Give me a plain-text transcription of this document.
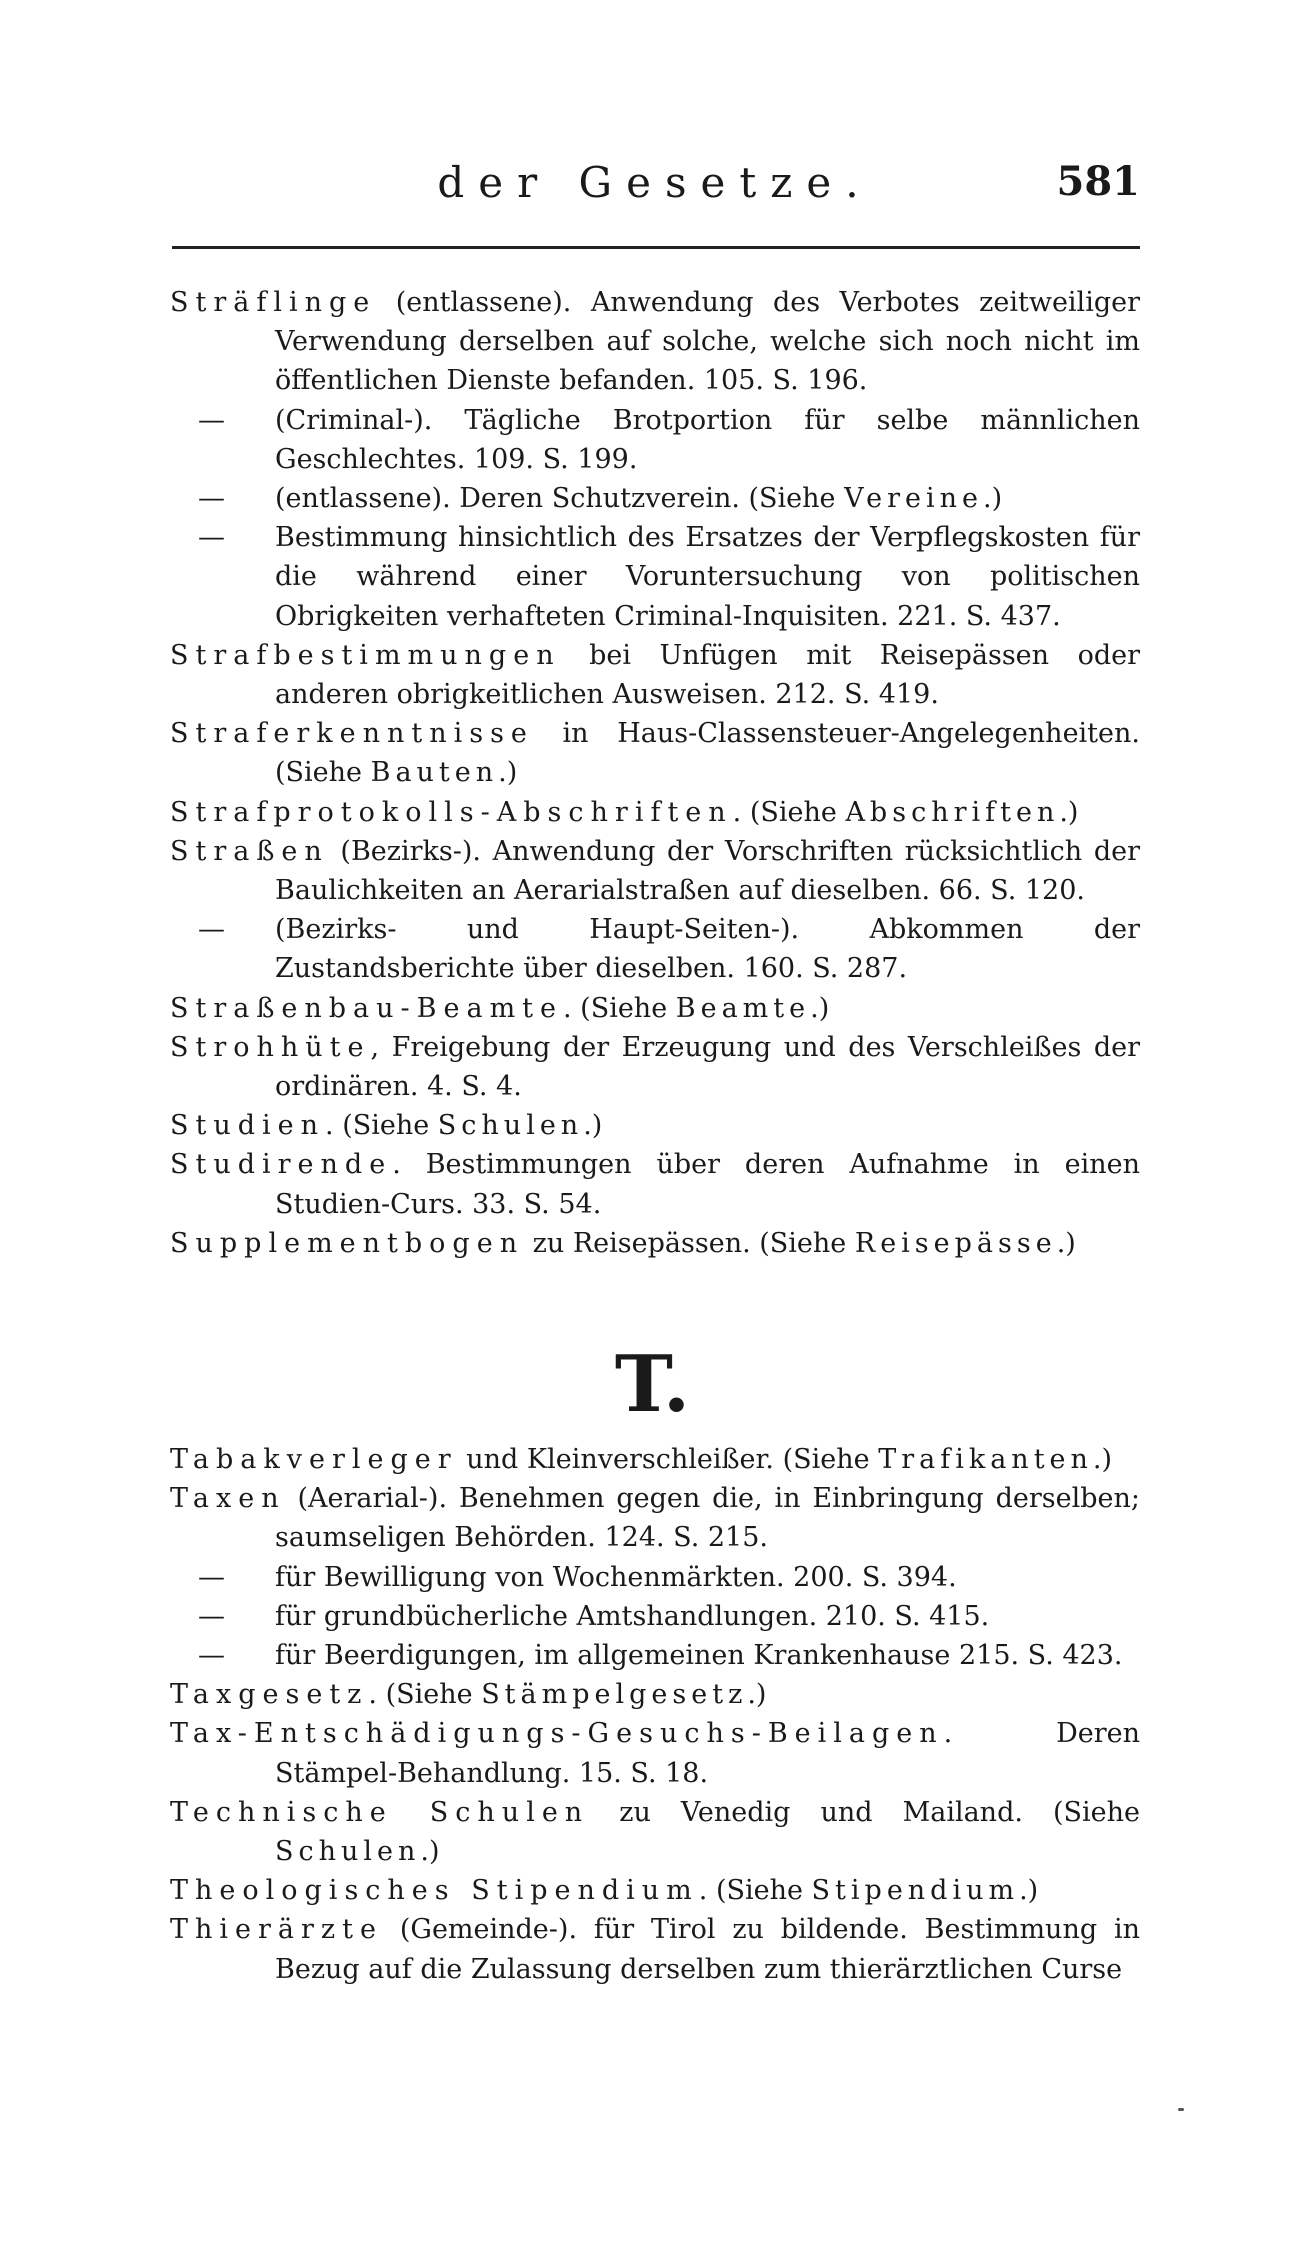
der Gesetze.	581
Sträflinge (entlassene). Anwendung des Verbotes zeitweiliger Verwendung derselben auf solche, welche sich noch nicht im öffentlichen Dienste befanden. 105. S. 196.
— (Criminal-). Tägliche Brotportion für selbe männlichen Geschlechtes. 109. S. 199.
— (entlassene). Deren Schutzverein. (Siehe Vereine.)
— Bestimmung hinsichtlich des Ersatzes der Verpflegskosten für die während einer Voruntersuchung von politischen Obrigkeiten verhafteten Criminal-Inquisiten. 221. S. 437.
Strafbestimmungen bei Unfügen mit Reisepässen oder anderen obrigkeitlichen Ausweisen. 212. S. 419.
Straferkenntnisse in Haus-Classensteuer-Angelegenheiten. (Siehe Bauten.)
Strafprotokolls-Abschriften. (Siehe Abschriften.)
Straßen (Bezirks-). Anwendung der Vorschriften rücksichtlich der Baulichkeiten an Aerarialstraßen auf dieselben. 66. S. 120.
— (Bezirks- und Haupt-Seiten-). Abkommen der Zustandsberichte über dieselben. 160. S. 287.
Straßenbau-Beamte. (Siehe Beamte.)
Strohhüte, Freigebung der Erzeugung und des Verschleißes der ordinären. 4. S. 4.
Studien. (Siehe Schulen.)
Studirende. Bestimmungen über deren Aufnahme in einen Studien-Curs. 33. S. 54.
Supplementbogen zu Reisepässen. (Siehe Reisepässe.)
T.
Tabakverleger und Kleinverschleißer. (Siehe Trafikanten.)
Taxen (Aerarial-). Benehmen gegen die, in Einbringung derselben; saumseligen Behörden. 124. S. 215.
— für Bewilligung von Wochenmärkten. 200. S. 394.
— für grundbücherliche Amtshandlungen. 210. S. 415.
— für Beerdigungen, im allgemeinen Krankenhause 215. S. 423.
Taxgesetz. (Siehe Stämpelgesetz.)
Tax-Entschädigungs-Gesuchs-Beilagen. Deren Stämpel-Behandlung. 15. S. 18.
Technische Schulen zu Venedig und Mailand. (Siehe Schulen.)
Theologisches Stipendium. (Siehe Stipendium.)
Thierärzte (Gemeinde-). für Tirol zu bildende. Bestimmung in Bezug auf die Zulassung derselben zum thierärztlichen Curse
